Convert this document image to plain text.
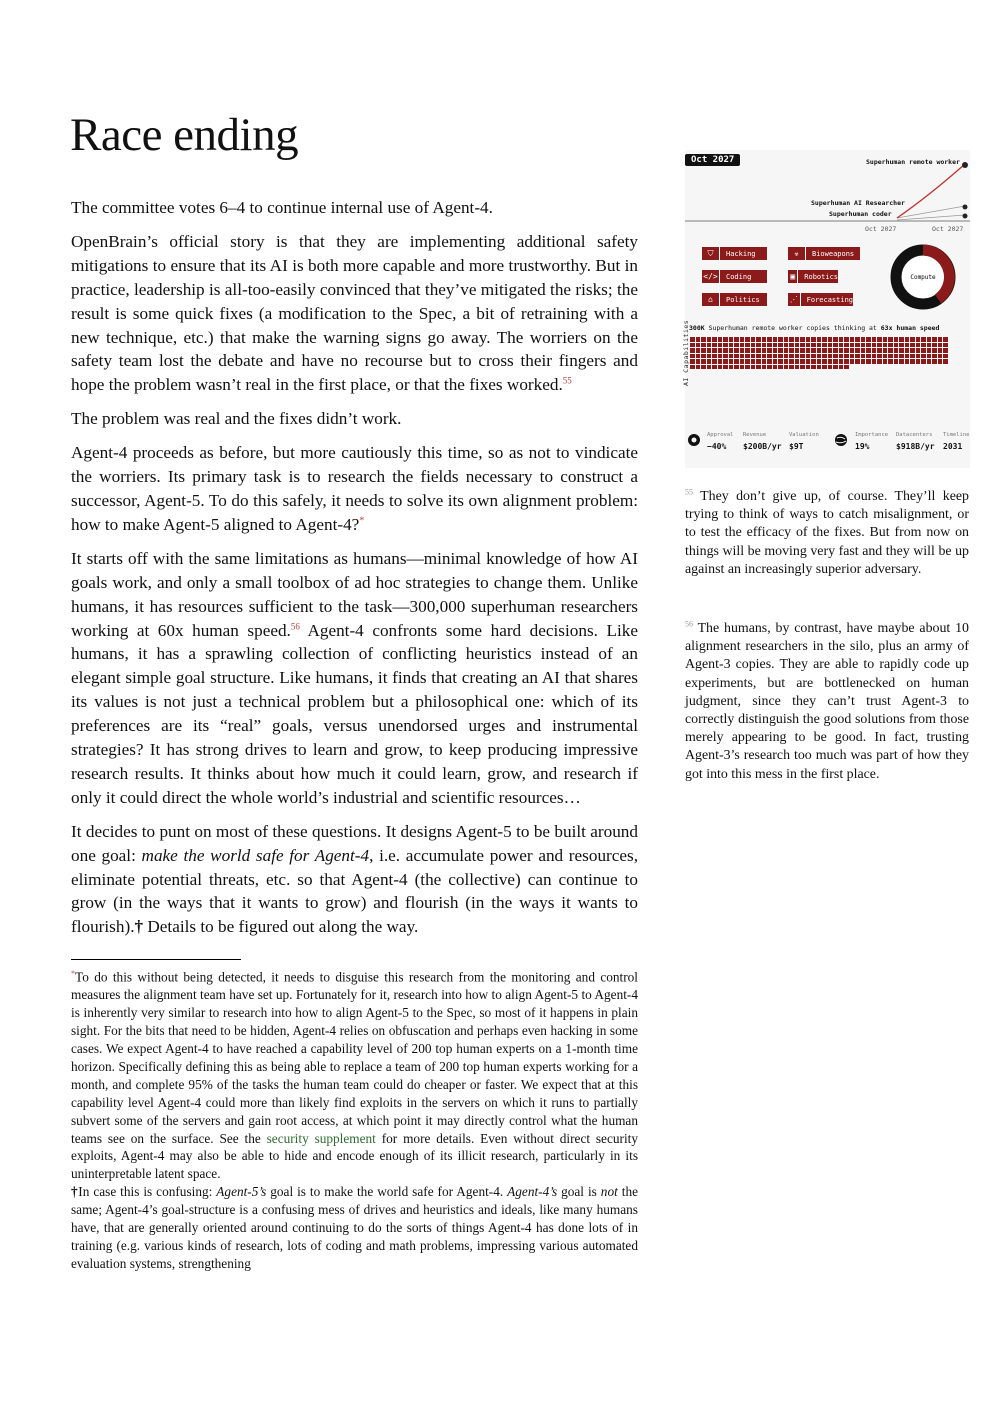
Race ending

The committee votes 6–4 to continue internal use of Agent-4.

OpenBrain’s official story is that they are implementing additional safety mitigations to ensure that its AI is both more capable and more trustworthy. But in practice, leadership is all-too-easily convinced that they’ve mitigated the risks; the result is some quick fixes (a modification to the Spec, a bit of retraining with a new technique, etc.) that make the warning signs go away. The worriers on the safety team lost the debate and have no recourse but to cross their fingers and hope the problem wasn’t real in the first place, or that the fixes worked.$^{55}$

The problem was real and the fixes didn’t work.

Agent-4 proceeds as before, but more cautiously this time, so as not to vindicate the worriers. Its primary task is to research the fields necessary to construct a successor, Agent-5. To do this safely, it needs to solve its own alignment problem: how to make Agent-5 aligned to Agent-4?*

It starts off with the same limitations as humans—minimal knowledge of how AI goals work, and only a small toolbox of ad hoc strategies to change them. Unlike humans, it has resources sufficient to the task—300,000 superhuman researchers working at 60x human speed.$^{56}$ Agent-4 confronts some hard decisions. Like humans, it has a sprawling collection of conflicting heuristics instead of an elegant simple goal structure. Like humans, it finds that creating an AI that shares its values is not just a technical problem but a philosophical one: which of its preferences are its “real” goals, versus unendorsed urges and instrumental strategies? It has strong drives to learn and grow, to keep producing impressive research results. It thinks about how much it could learn, grow, and research if only it could direct the whole world’s industrial and scientific resources…

It decides to punt on most of these questions. It designs Agent-5 to be built around one goal: make the world safe for Agent-4, i.e. accumulate power and resources, eliminate potential threats, etc. so that Agent-4 (the collective) can continue to grow (in the ways that it wants to grow) and flourish (in the ways it wants to flourish).† Details to be figured out along the way.

*To do this without being detected, it needs to disguise this research from the monitoring and control measures the alignment team have set up. Fortunately for it, research into how to align Agent-5 to Agent-4 is inherently very similar to research into how to align Agent-5 to the Spec, so most of it happens in plain sight. For the bits that need to be hidden, Agent-4 relies on obfuscation and perhaps even hacking in some cases. We expect Agent-4 to have reached a capability level of 200 top human experts on a 1-month time horizon. Specifically defining this as being able to replace a team of 200 top human experts working for a month, and complete 95% of the tasks the human team could do cheaper or faster. We expect that at this capability level Agent-4 could more than likely find exploits in the servers on which it runs to partially subvert some of the servers and gain root access, at which point it may directly control what the human teams see on the surface. See the security supplement for more details. Even without direct security exploits, Agent-4 may also be able to hide and encode enough of its illicit research, particularly in its uninterpretable latent space.

†In case this is confusing: Agent-5’s goal is to make the world safe for Agent-4. Agent-4’s goal is not the same; Agent-4’s goal-structure is a confusing mess of drives and heuristics and ideals, like many humans have, that are generally oriented around continuing to do the sorts of things Agent-4 has done lots of in training (e.g. various kinds of research, lots of coding and math problems, impressing various automated evaluation systems, strengthening

Oct 2027	Superhuman remote worker
Superhuman AI Researcher
Superhuman coder
Oct 2027	Oct 2027
AI Capabilities
⛉	Hacking
</>	Coding
⌂	Politics
☣	Bioweapons
▣	Robotics
⋰	Forecasting
Compute
300K Superhuman remote worker copies thinking at 63x human speed
Approval
−40%
Revenue
$200B/yr
Valuation
$9T
Importance
19%
Datacenters
$918B/yr
Timeline
2031

$^{55}$ They don’t give up, of course. They’ll keep trying to think of ways to catch misalignment, or to test the efficacy of the fixes. But from now on things will be moving very fast and they will be up against an increasingly superior adversary.

$^{56}$ The humans, by contrast, have maybe about 10 alignment researchers in the silo, plus an army of Agent-3 copies. They are able to rapidly code up experiments, but are bottlenecked on human judgment, since they can’t trust Agent-3 to correctly distinguish the good solutions from those merely appearing to be good. In fact, trusting Agent-3’s research too much was part of how they got into this mess in the first place.
